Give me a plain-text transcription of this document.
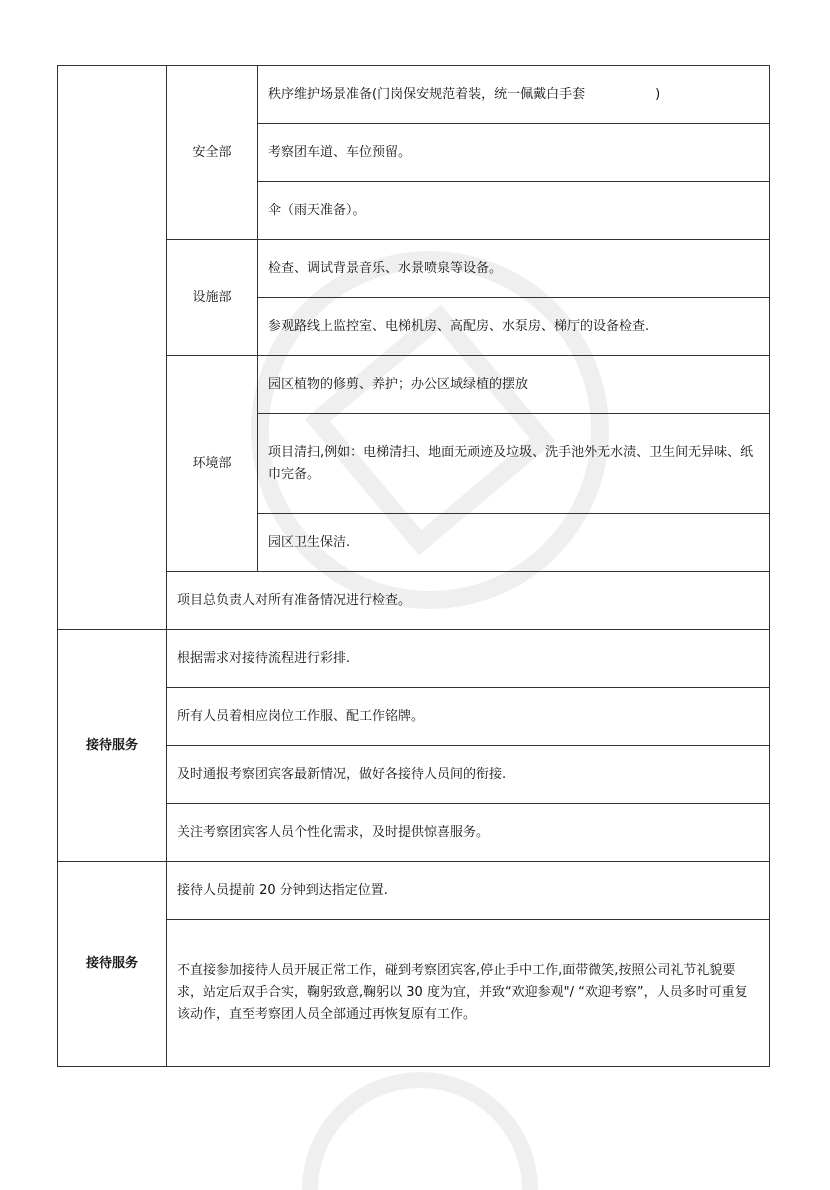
	安全部	秩序维护场景准备(门岗保安规范着装，统一佩戴白手套 )
		考察团车道、车位预留。
		伞（雨天准备）。
	设施部	检查、调试背景音乐、水景喷泉等设备。
		参观路线上监控室、电梯机房、高配房、水泵房、梯厅的设备检查.
	环境部	园区植物的修剪、养护；办公区域绿植的摆放
		项目清扫,例如：电梯清扫、地面无顽迹及垃圾、洗手池外无水渍、卫生间无异味、纸巾完备。
		园区卫生保洁.
	项目总负责人对所有准备情况进行检查。	
接待服务	根据需求对接待流程进行彩排.	
	所有人员着相应岗位工作服、配工作铭牌。	
	及时通报考察团宾客最新情况，做好各接待人员间的衔接.	
	关注考察团宾客人员个性化需求，及时提供惊喜服务。	
接待服务	接待人员提前 20 分钟到达指定位置.	
	不直接参加接待人员开展正常工作，碰到考察团宾客,停止手中工作,面带微笑,按照公司礼节礼貌要求，站定后双手合实，鞠躬致意,鞠躬以 30 度为宜，并致“欢迎参观"/ “欢迎考察”，人员多时可重复该动作，直至考察团人员全部通过再恢复原有工作。	
